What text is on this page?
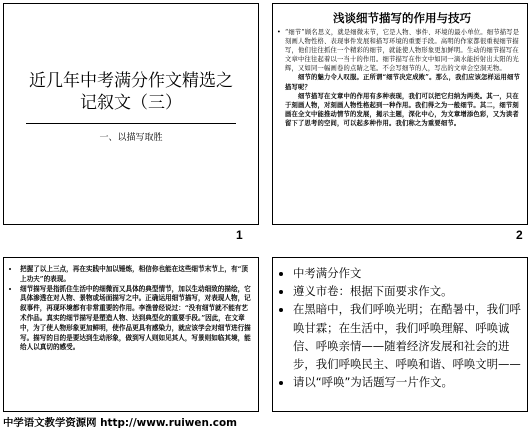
近几年中考满分作文精选之
记叙文（三）
一、以描写取胜
1
浅谈细节描写的作用与技巧

• “细节”顾名思义，就是细微末节，它是人物、事件、环境的最小单位。细节描写是刻画人物性格、表现事件发展和描写环境的重要手段。高明的作家都很重视细节描写，他们往往抓住一个精彩的细节，就能使人物形象更加鲜明。生动的细节描写在文章中往往起着以一当十的作用。细节描写在作文中如同一滴水能折射出太阳的光辉，又如同一幅画卷的点睛之笔。不会写细节的人，写出的文章会空洞无物。

细节的魅力令人叹服。正所谓“细节决定成败”。那么，我们应该怎样运用细节描写呢？

细节描写在文章中的作用有多种表现，我们可以把它归纳为两类。其一，只在于刻画人物，对刻画人物性格起到一种作用。我们得之为一般细节。其二，细节刻画在全文中能推动情节的发展，揭示主题，深化中心，为文章增添色彩，又为读者留下了思考的空间，可以起多种作用。我们称之为重要细节。

2
• 把握了以上三点，再在实践中加以锤炼，相信你也能在这些细节末节上，有“顶上功夫”的表现。
• 细节描写是指抓住生活中的细微而又具体的典型情节，加以生动细致的描绘，它具体渗透在对人物、景物或场面描写之中。正确运用细节描写，对表现人物，记叙事件，再现环境都有非常重要的作用。李渔曾经说过：“没有细节就不能有艺术作品。真实的细节描写是塑造人物、达到典型化的重要手段。”因此，在文章中，为了使人物形象更加鲜明，使作品更具有感染力，就应该学会对细节进行描写。描写的目的是要达到生动形象，做到写人则如见其人，写景则如临其境，能给人以真切的感受。
• 中考满分作文
• 遵义市卷：根据下面要求作文。
• 在黑暗中，我们呼唤光明；在酷暑中，我们呼唤甘霖；在生活中，我们呼唤理解、呼唤诚信、呼唤亲情——随着经济发展和社会的进步，我们呼唤民主、呼唤和谐、呼唤文明——
• 请以“呼唤”为话题写一片作文。
中学语文教学资源网 http://www.ruiwen.com
